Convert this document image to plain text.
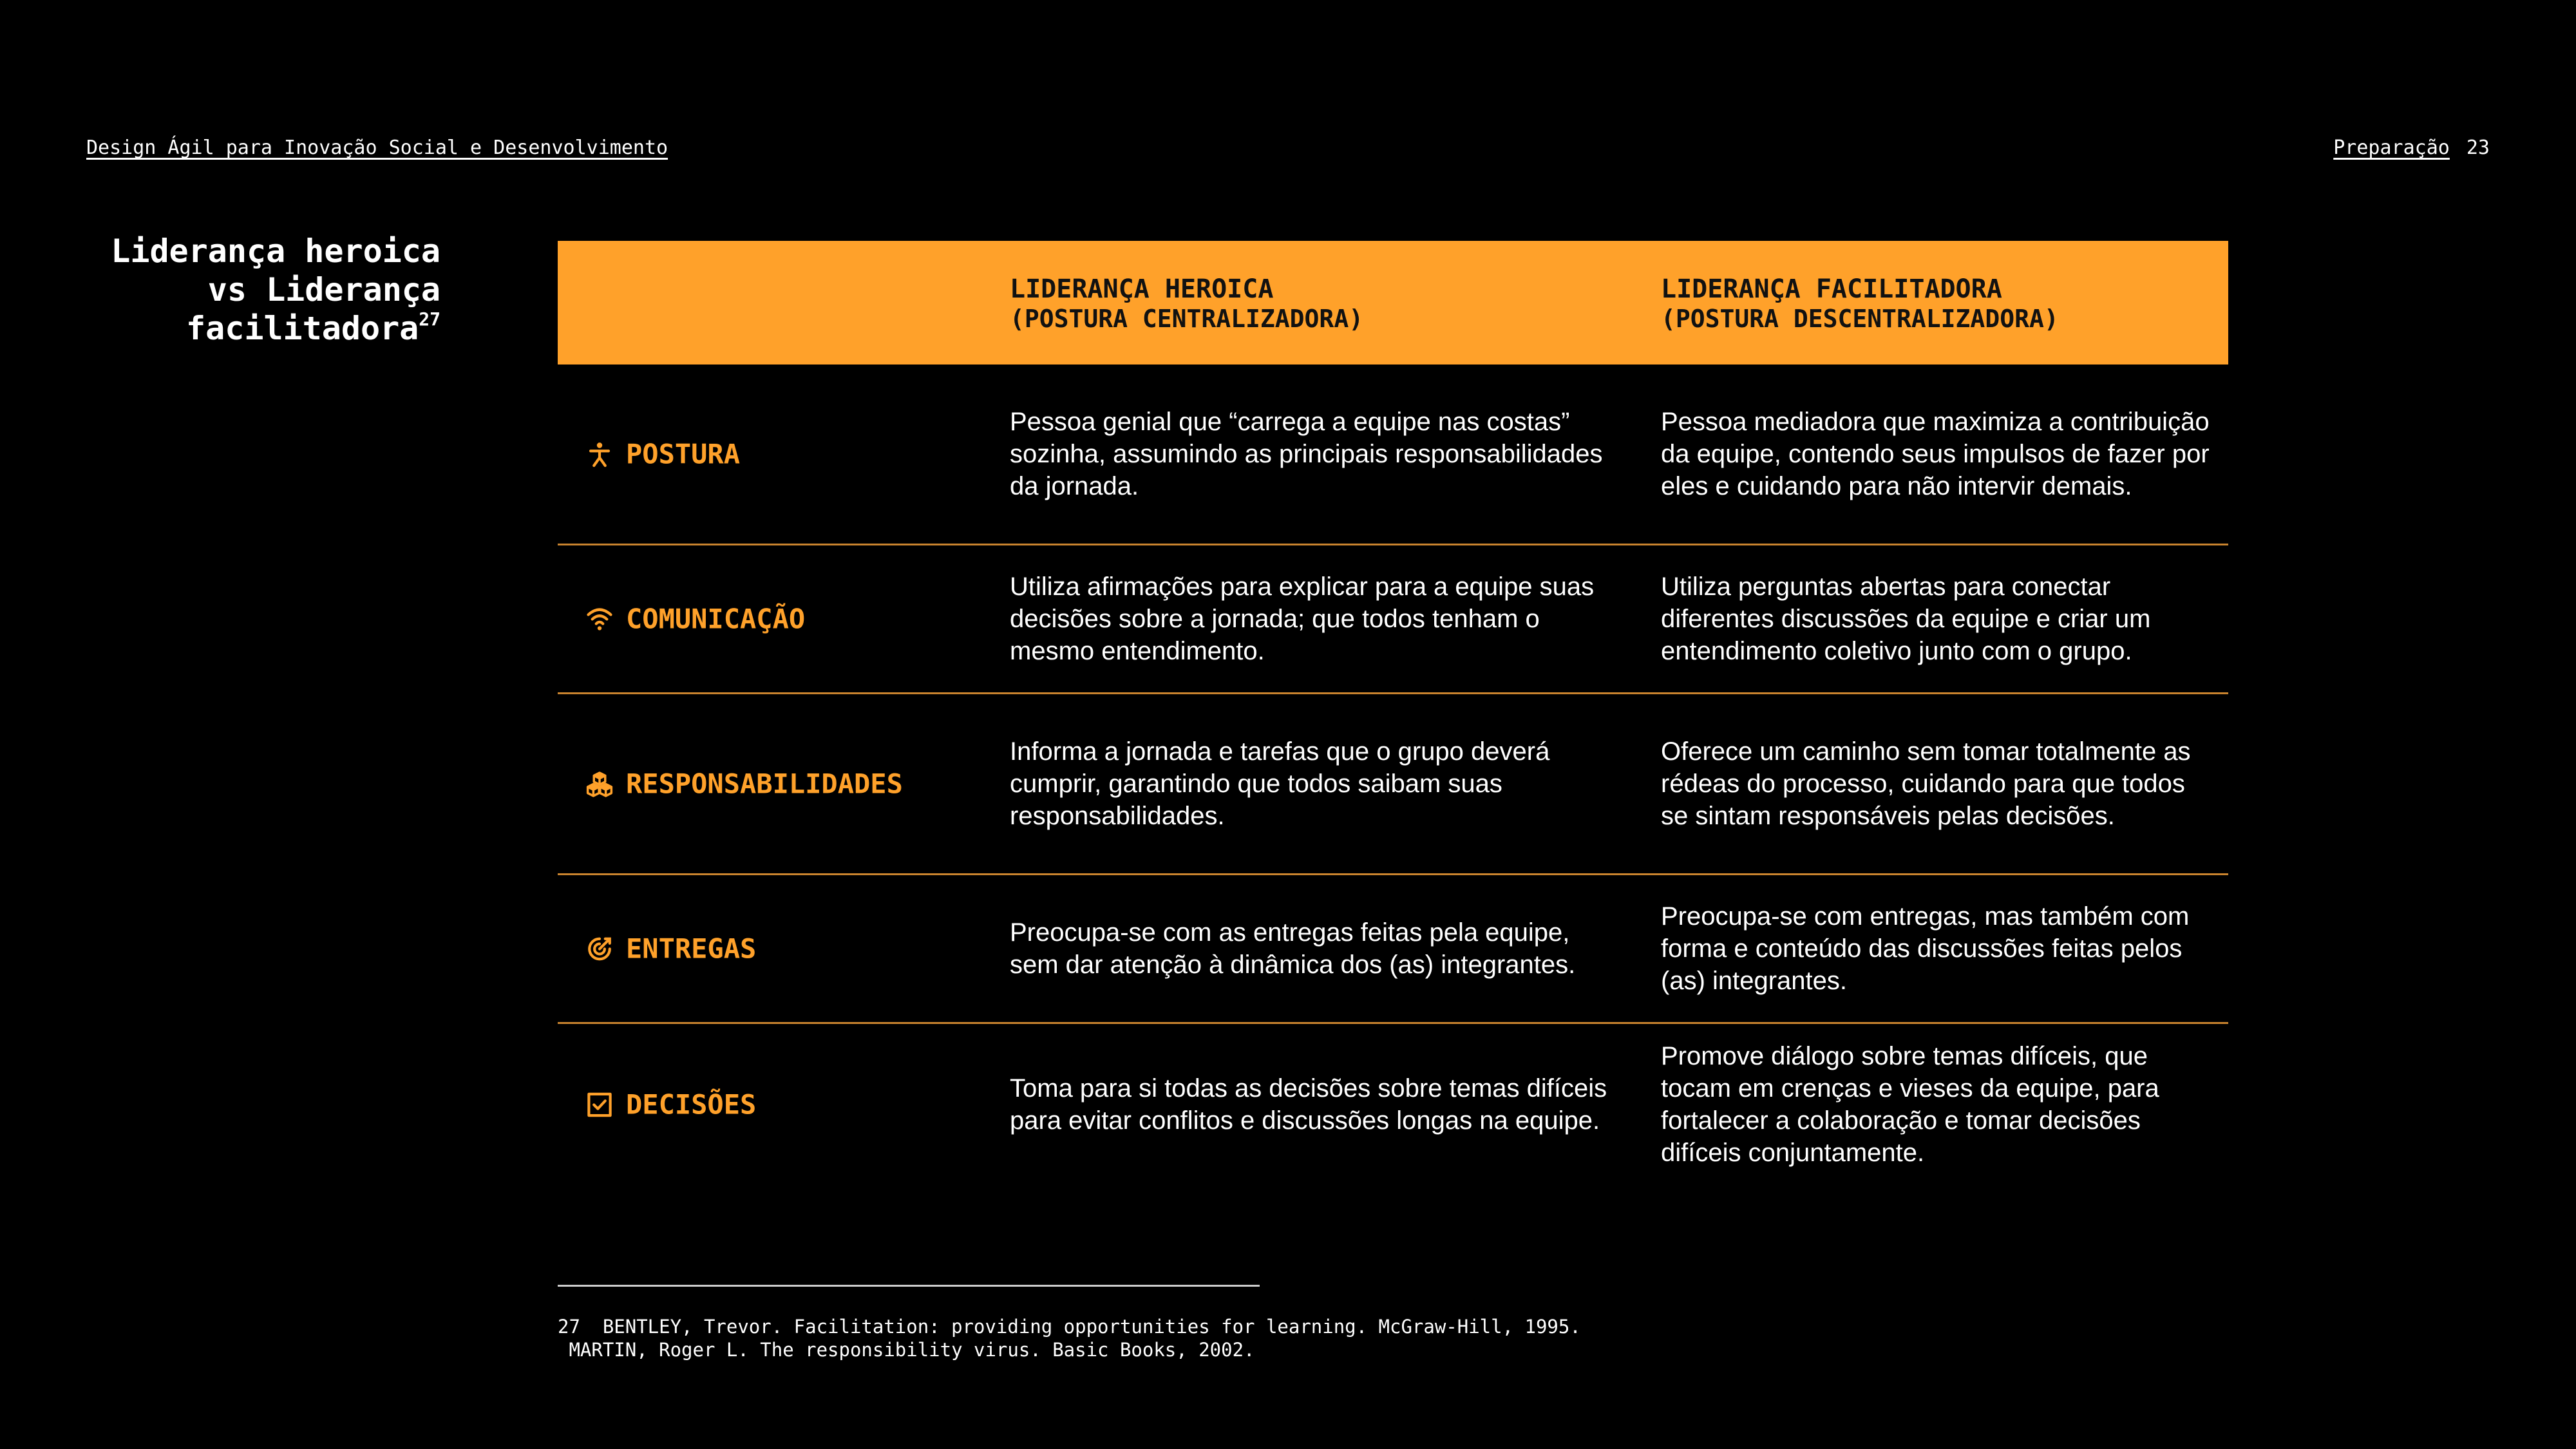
Design Ágil para Inovação Social e Desenvolvimento	Preparação 23
Liderança heroica
vs Liderança
facilitadora$^{27}$
LIDERANÇA HEROICA
(POSTURA CENTRALIZADORA)
LIDERANÇA FACILITADORA
(POSTURA DESCENTRALIZADORA)
POSTURA
Pessoa genial que “carrega a equipe nas costas” sozinha, assumindo as principais responsabilidades da jornada.
Pessoa mediadora que maximiza a contribuição da equipe, contendo seus impulsos de fazer por eles e cuidando para não intervir demais.
COMUNICAÇÃO
Utiliza afirmações para explicar para a equipe suas decisões sobre a jornada; que todos tenham o mesmo entendimento.
Utiliza perguntas abertas para conectar diferentes discussões da equipe e criar um entendimento coletivo junto com o grupo.
RESPONSABILIDADES
Informa a jornada e tarefas que o grupo deverá cumprir, garantindo que todos saibam suas responsabilidades.
Oferece um caminho sem tomar totalmente as rédeas do processo, cuidando para que todos se sintam responsáveis pelas decisões.
ENTREGAS
Preocupa-se com as entregas feitas pela equipe, sem dar atenção à dinâmica dos (as) integrantes.
Preocupa-se com entregas, mas também com forma e conteúdo das discussões feitas pelos (as) integrantes.
DECISÕES
Toma para si todas as decisões sobre temas difíceis para evitar conflitos e discussões longas na equipe.
Promove diálogo sobre temas difíceis, que tocam em crenças e vieses da equipe, para fortalecer a colaboração e tomar decisões difíceis conjuntamente.
27  BENTLEY, Trevor. Facilitation: providing opportunities for learning. McGraw-Hill, 1995.
MARTIN, Roger L. The responsibility virus. Basic Books, 2002.
